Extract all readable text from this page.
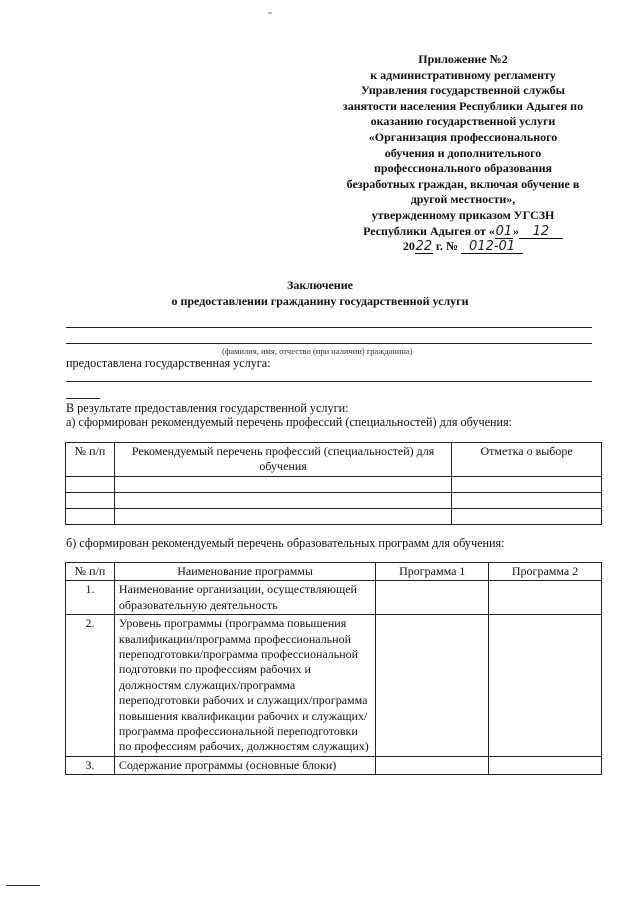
Приложение №2
к административному регламенту
Управления государственной службы
занятости населения Республики Адыгея по
оказанию государственной услуги
«Организация профессионального
обучения и дополнительного
профессионального образования
безработных граждан, включая обучение в
другой местности»,
утвержденному приказом УГСЗН
Республики Адыгея от «01» 12
2022 г. № 012-01
Заключение
о предоставлении гражданину государственной услуги
(фамилия, имя, отчество (при наличии) гражданина)
предоставлена государственная услуга:
В результате предоставления государственной услуги:
а) сформирован рекомендуемый перечень профессий (специальностей) для обучения:
№ п/п	Рекомендуемый перечень профессий (специальностей) для обучения	Отметка о выборе

б) сформирован рекомендуемый перечень образовательных программ для обучения:
№ п/п	Наименование программы	Программа 1	Программа 2
1.	Наименование организации, осуществляющей образовательную деятельность		
2.	Уровень программы (программа повышения квалификации/программа профессиональной переподготовки/программа профессиональной подготовки по профессиям рабочих и должностям служащих/программа переподготовки рабочих и служащих/программа повышения квалификации рабочих и служащих/программа профессиональной переподготовки по профессиям рабочих, должностям служащих)		
3.	Содержание программы (основные блоки)		
